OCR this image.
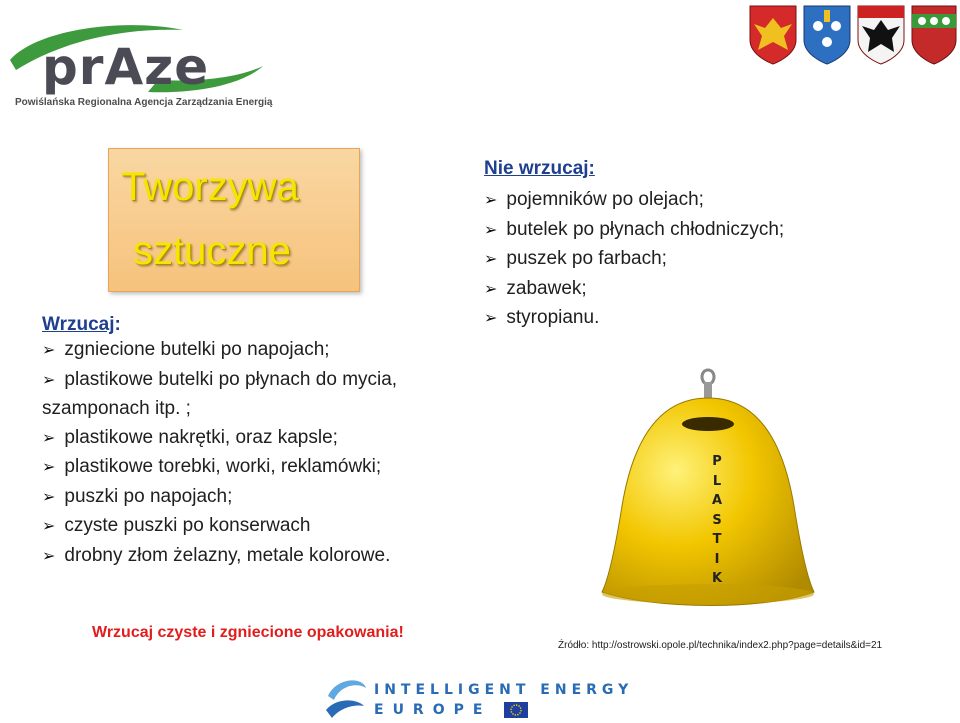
prAze
Powiślańska Regionalna Agencja Zarządzania Energią
Tworzywa
sztuczne
Wrzucaj:
➢ zgniecione butelki po napojach;
➢ plastikowe butelki po płynach do mycia,
szamponach itp. ;
➢ plastikowe nakrętki, oraz kapsle;
➢ plastikowe torebki, worki, reklamówki;
➢ puszki po napojach;
➢ czyste puszki po konserwach
➢ drobny złom żelazny, metale kolorowe.
Nie wrzucaj:
➢ pojemników po olejach;
➢ butelek po płynach chłodniczych;
➢ puszek po farbach;
➢ zabawek;
➢ styropianu.
P
L
A
S
T
I
K
Wrzucaj czyste i zgniecione opakowania!
Źródło: http://ostrowski.opole.pl/technika/index2.php?page=details&id=21
INTELLIGENT ENERGY
EUROPE
